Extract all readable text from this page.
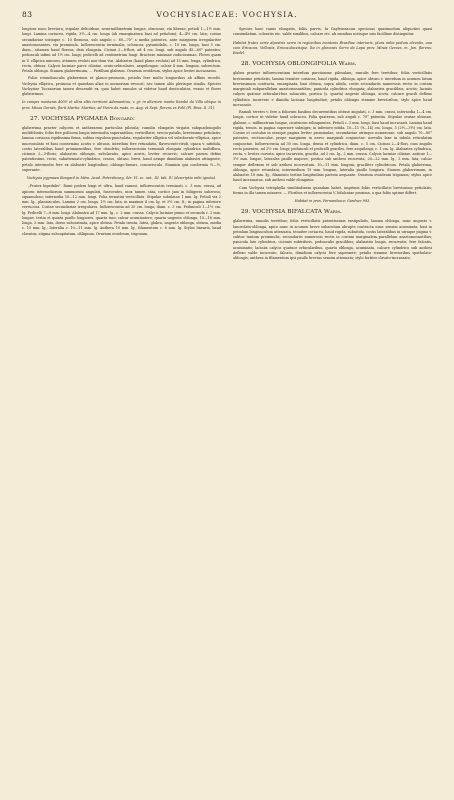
83	VOCHYSIACEAE: VOCHYSIA.

longiora nunc breviora; stipulae deltoideae, semi-millimetrum longae, obscurae, vix liberae; petioli 1—1½ mm. longi. Lamina coriacea, rigida, 3½—4 cm. longa (ab emarginatura basi ad petiolum); 4—4½ cm. lata; costae secundariae utrinque c. 10 flexuosa, sub angulo c. 60—70° a media patentes, ante marginem irregulariter anastomosantes, vix prominula. Inflorescentia terminalis, ochracea, pyramidalis, c. 10 cm. longa, basi 5 cm. diam., attamen haud florens, dein elongata. Cicinni 2—6-flori, ad 4 cm. longi, sub angulo 45—60° patentes; pedunculi infimi ad 1½ cm. longi; pedicelli ad centimetrum longi. Bracteae minimae caducissimae. Flores quam in V. elliptica minores, attamen evoluti non-dum visi. Alabastra (haud plane evoluta) ad 15 mm. longa, cylindrica, recta, obtusa. Calycis laciniae parce ciliatae, ovato-orbiculares, aequilongae; calcar 4 mm. longum, subrectum. Petala oblonga. Stamen glaberrimum, ... Pistillum glabrum. Ovarium ovoideum, stylus apice leviter incrassatus.

Foliis rotundiusculis glaberrimis et glauco-pruinosis, petiolis fere multo longioribus ab affinis recedit. Vochysia elliptica, pruinosa et quaedam aliae in memoriam revocat; nec tamen aliis plerisque similis. Species Vochysiae Tucanorum tamen descendit ex, quia habet ramulos ut videtur haud denticulatos, evasis et flores glaberrimos.

In campis montanis 4000' et ultra altis territorii Adamantinu, v. gr. in alteriore monte Itambé da Villa ubique in prov. Minas Geraës, florit Martio: Martius; ad Vieira da mato, m. Aug. et Sept. florens ex Pohl (Pl. Bras. II. 31).

27. VOCHYSIA PYGMAEA Bongard:

glaberrima praeter calycem et antherarum particulas pilosula; ramulis elongatis virgatis subquadrangulis multifoliatis; foliis fere pollicem longis internodia superantibus, verticillatis, erecto-patulis, breviusime petiolatis; lamina coriacea rigidissima firma, subtus rugulosa-punctulata, reguloriter elliptica vel subobovato-elliptica, apice mucronulato et basi contermino acutis v. obtusis, interdum fere retundatis, flavescenti-viridi, opaca v. nitidula, costis lateralibus haud prominentibus, fere obsoletis; inflorescentia terminali elongata cylindrica multiflora, cicinnis 2—3-floris; alabastris oblongis, subclavatis, apice acutis, leviter recurvis; calcare parum defixo patentissimo, recto, subattenuato-cylindrico, crasso, obtuso, brevi, haud nempe dimidium alabastri attingente; petalo intermedio fere ex alabastri longitudine, oblongo-lineari, concavisculo. Staminis ipsi conformia ⅓—½, superante.

Vochysia pygmaea Bongard in Mém. Acad. Petersbourg, Sér. VI. sc. nat., III. tab. IV. (descriptio mihi ignota).

„Frutex bipedalis". Rami pedem longi et ultra, haud ramosi, inflorescentiis terminati, c. 3 mm. crassi, ad apicem internodiorum summorum angulati, fusecentes, mox tamen cani, cortice jam in foliigerio suberoso, squamuloso; internodia 10—12 mm. longi. Folia ternatim verticillata. Stipulae subulatae 1 mm. lg. Petioli vix 2 mm. lg., planiusculus. Lamina 2 cm. longa, 1½ cm. lata, in maximis 4 cm. lg. et 2½ cm. lt.; in pagina inferiore verrucosa. Costae secundariae irregulares. Inflorescentia ad 20 cm. longa, diam. c. 3 cm. Pedunculi 1—1½ cm. lg. Pedicelli 7—8 mm. longi. Alabastra ad 17 mm. lg., c. 2 mm. crassa. Calycis laciniae primo et secunda c. 2 mm. longae, tertia et quinta paullo longiores, quarta tunc calcar acuminatore; quarta ungente oblonga, 15—16 mm. longa, 3 mm. lata, dorso subcarinata, apice obtusa. Petala trenta, lutea, glabra, ungente oblonga, obtusa, media c. 15 mm. lg.; lateralia c. 10—11 mm. lg. Anthera 10 mm. lg., filamentum c. 6 mm. lg. Stylus linearis, haud clavatus; stigma subcapitatum, obliquum. Ovarium ovoideum, trigonum.

Species haec ramis elongatis, foliis parvis, In Gayleussacias speciosas quasimodum aliquoties quasi consimilatum, coloratis etc. valde similibus, calcare etc. ab omnibus notisque suis facillime distinguitur.

Habitat frutex certe alpestris serra in regionibus montosis Brasiliae interioris, plura milia pedum elevatis, una cum Ericacea, Vellosiis, Eriocaulaceisque. Ita in glareosis Serra da Lapa prov. Minas Geraes, m. Jan. florens: Riedel.

28. VOCHYSIA OBLONGIFOLIA Warm.

glabra praeter inflorescentiam interdum parciissime pilosulam; ramulis fere teretibus; foliis verticillatis breviusime petiolatis, lamina tenuiter coriacea, haud rigida, oblonga, apice obtuso v. interdum in acumen latum breviusimum contracta, emarginata, basi obtusa, supra nitida, costis secundariis numerosis rectis in costam marginiali subparallelam anastomosantibus; panicula cylindrica elongata; alabastris gracilibus, acutis; laciniis calycis quatuor orbiculari-bus subacutis, postica (s. quarta) angeste oblonga, acuta, calcare gracili deflexo cylindrico incurvato e dimidia laciniae longitudine; petalis oblongis stamine brevioribus; stylo apice haud incrassato.

Ramuli teretes v. fere a foliorum basibus decurrentibus obtuse angulati, c. 3 mm. crassi, internodia 1—4 cm. longis, cortice ut videtur haud ochraceo. Folia quaterna, sub anguli c. 70° patentia. Stipulae ovatae obtusae, glabrae, c. millimetrum longae, cicatricem relinquentes. Petioli c. 3 mm. longi, basi haud incrassati. Lamina haud rigida, tenuis, in pagina superiore subnigra; in inferiore nitida, 10—11 (9—14) cm. longa, 3 (2½—3½) cm. lata. Costae et costulae in utraque pagina leviter prominulae, secundariae utrinque numerosae, sub angulo 70—80° patentes, rectiusculae, prope marginem in nervo marginali conjunctae: nervulis laxe in tabula reticulatim conjunctae. Inflorescentia ad 30 cm. longa, densa et cylindrica, diam. c. 5 cm. Cicinni 2—4-flori, cum angulis recto patentes, ad 2½ cm. longi; pedunculi et pedicelli graciles, fere aequilongi, c. 1 cm. lg. Alabastra cylindrica, recta, v. leviter curvata, apice incurvata, gracilia, ad 2 cm. lg., 2 mm. crassa. Calycis laciniae ciliatae, anticae 1—1½ mm. longae, laterales paullo majores; postica sub anthesi recurvata, 20—22 mm. lg., 3 mm. lata; calcar semper deflexum et sub anthesi incurvatum, 10—11 mm. longum, graciliter cylindricum. Petala glaberrima, oblonga, apice retundata; intermedium 15 mm. longum, lateralia paullo longiora. Stamen glaberrimum, in alabastro 18 mm. lg., filamento tertiae longitudinis partem aequante. Ovarium ovoideum trigonum; stylus apice haud incrassatus, sub anthesi valde elongatus.

Cum Vochysia tetraphylla similitudinem quandam habet, imprimis foliis verticillatis breviusime petiolatis; forma in illa tamen minores. — Floribus et inflorescentia V. bifalcatae proxima, a qua foliis optime differt.

Habitat in prov. Pernambuco: Gardner 993.

29. VOCHYSIA BIFALCATA Warm.

glaberrima, ramulis teretibus; foliis verticillatis patentissimis exstipulatis, lamina oblonga, nunc angusto v. lanceolato-oblonga, apice nunc in acumen breve subacutum abrupte contracta nunc sensim acuminata, basi in petiolum longiusculum attenuata, tenuiter coriacea, haud rigida, subnitida, costis lateralibus in utraque pagina v. subtus tantum prominulis, secundariis numerosis rectis in costam marginalem parallelam anastomosantibus; panicula late cylindrica, cicinnis subtriforis, pedunculis gracilibus; alabastris longis, recurvatis, fere falcatis, acuminatis; laciniis calycis quatuor orbicularibus, quarta oblonga, acuminata, calcare cylindrico sub anthesi deflexo valde incurvato, falcato, dimidium calycis fere superante; petalis stamine brevioribus spathulato-oblongis; anthera in filamentum ipsi paullo brevius sensim attenuata; stylo fortiter clavato-incrassato.
